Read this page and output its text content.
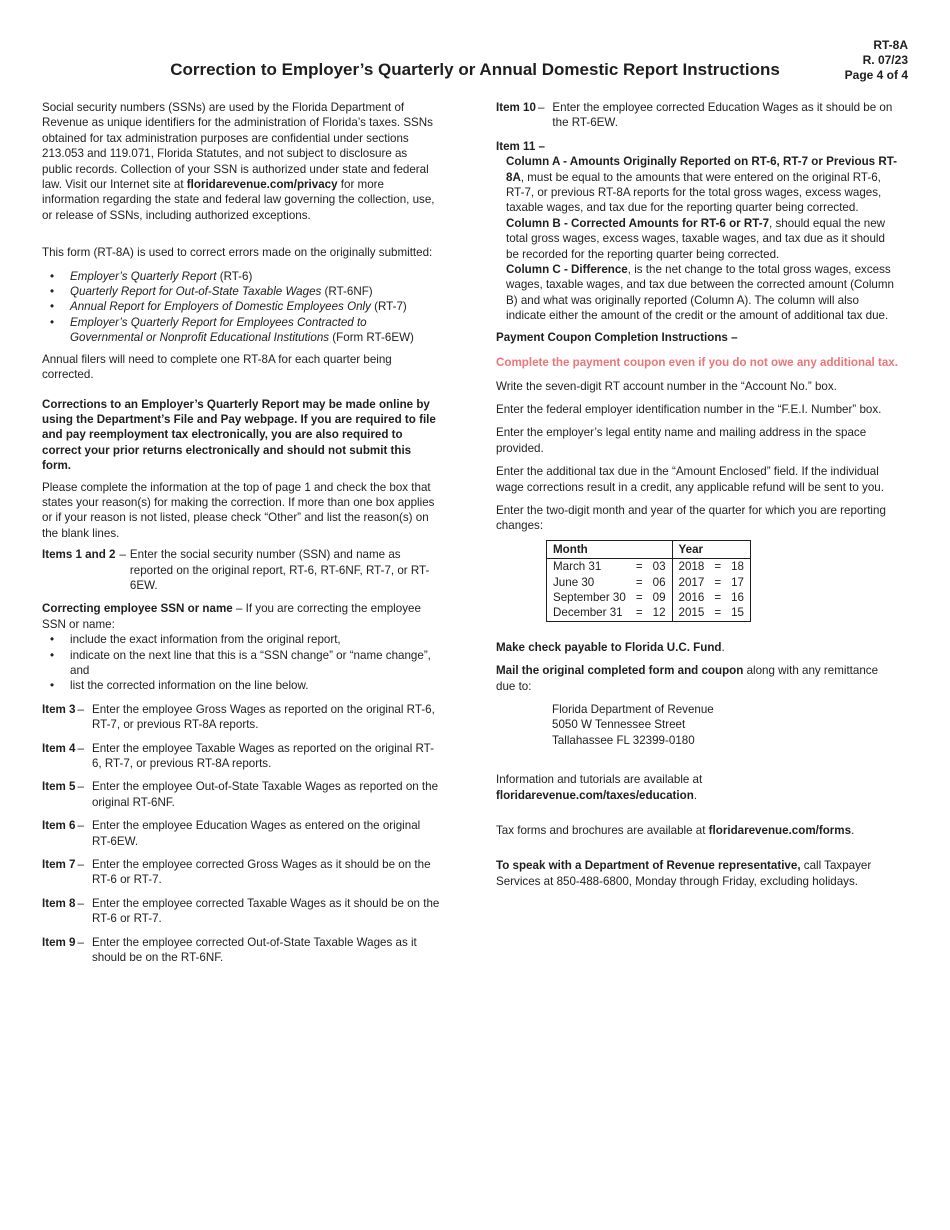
RT-8A
R. 07/23
Page 4 of 4
Correction to Employer’s Quarterly or Annual Domestic Report Instructions

Social security numbers (SSNs) are used by the Florida Department of Revenue as unique identifiers for the administration of Florida’s taxes. SSNs obtained for tax administration purposes are confidential under sections 213.053 and 119.071, Florida Statutes, and not subject to disclosure as public records. Collection of your SSN is authorized under state and federal law. Visit our Internet site at floridarevenue.com/privacy for more information regarding the state and federal law governing the collection, use, or release of SSNs, including authorized exceptions.

This form (RT-8A) is used to correct errors made on the originally submitted:

• Employer’s Quarterly Report (RT-6)
• Quarterly Report for Out-of-State Taxable Wages (RT-6NF)
• Annual Report for Employers of Domestic Employees Only (RT-7)
• Employer’s Quarterly Report for Employees Contracted to Governmental or Nonprofit Educational Institutions (Form RT-6EW)

Annual filers will need to complete one RT-8A for each quarter being corrected.

Corrections to an Employer’s Quarterly Report may be made online by using the Department’s File and Pay webpage. If you are required to file and pay reemployment tax electronically, you are also required to correct your prior returns electronically and should not submit this form.

Please complete the information at the top of page 1 and check the box that states your reason(s) for making the correction. If more than one box applies or if your reason is not listed, please check “Other” and list the reason(s) on the blank lines.

Items 1 and 2 – Enter the social security number (SSN) and name as reported on the original report, RT-6, RT-6NF, RT-7, or RT-6EW.

Correcting employee SSN or name – If you are correcting the employee SSN or name:

• include the exact information from the original report,
• indicate on the next line that this is a “SSN change” or “name change”, and
• list the corrected information on the line below.
Item 3 – Enter the employee Gross Wages as reported on the original RT-6, RT-7, or previous RT-8A reports.
Item 4 – Enter the employee Taxable Wages as reported on the original RT-6, RT-7, or previous RT-8A reports.
Item 5 – Enter the employee Out-of-State Taxable Wages as reported on the original RT-6NF.
Item 6 – Enter the employee Education Wages as entered on the original RT-6EW.
Item 7 – Enter the employee corrected Gross Wages as it should be on the RT-6 or RT-7.
Item 8 – Enter the employee corrected Taxable Wages as it should be on the RT-6 or RT-7.
Item 9 – Enter the employee corrected Out-of-State Taxable Wages as it should be on the RT-6NF.
Item 10 – Enter the employee corrected Education Wages as it should be on the RT-6EW.

Item 11 –

Column A - Amounts Originally Reported on RT-6, RT-7 or Previous RT-8A, must be equal to the amounts that were entered on the original RT-6, RT-7, or previous RT-8A reports for the total gross wages, excess wages, taxable wages, and tax due for the reporting quarter being corrected.
Column B - Corrected Amounts for RT-6 or RT-7, should equal the new total gross wages, excess wages, taxable wages, and tax due as it should be recorded for the reporting quarter being corrected.
Column C - Difference, is the net change to the total gross wages, excess wages, taxable wages, and tax due between the corrected amount (Column B) and what was originally reported (Column A). The column will also indicate either the amount of the credit or the amount of additional tax due.

Payment Coupon Completion Instructions –

Complete the payment coupon even if you do not owe any additional tax.

Write the seven-digit RT account number in the “Account No.” box.

Enter the federal employer identification number in the “F.E.I. Number” box.

Enter the employer’s legal entity name and mailing address in the space provided.

Enter the additional tax due in the “Amount Enclosed” field. If the individual wage corrections result in a credit, any applicable refund will be sent to you.

Enter the two-digit month and year of the quarter for which you are reporting changes:

Month			Year		
March 31	=	03	2018	=	18
June 30	=	06	2017	=	17
September 30	=	09	2016	=	16
December 31	=	12	2015	=	15

Make check payable to Florida U.C. Fund.

Mail the original completed form and coupon along with any remittance due to:

Florida Department of Revenue
5050 W Tennessee Street
Tallahassee FL 32399-0180

Information and tutorials are available at floridarevenue.com/taxes/education.

Tax forms and brochures are available at floridarevenue.com/forms.

To speak with a Department of Revenue representative, call Taxpayer Services at 850-488-6800, Monday through Friday, excluding holidays.
